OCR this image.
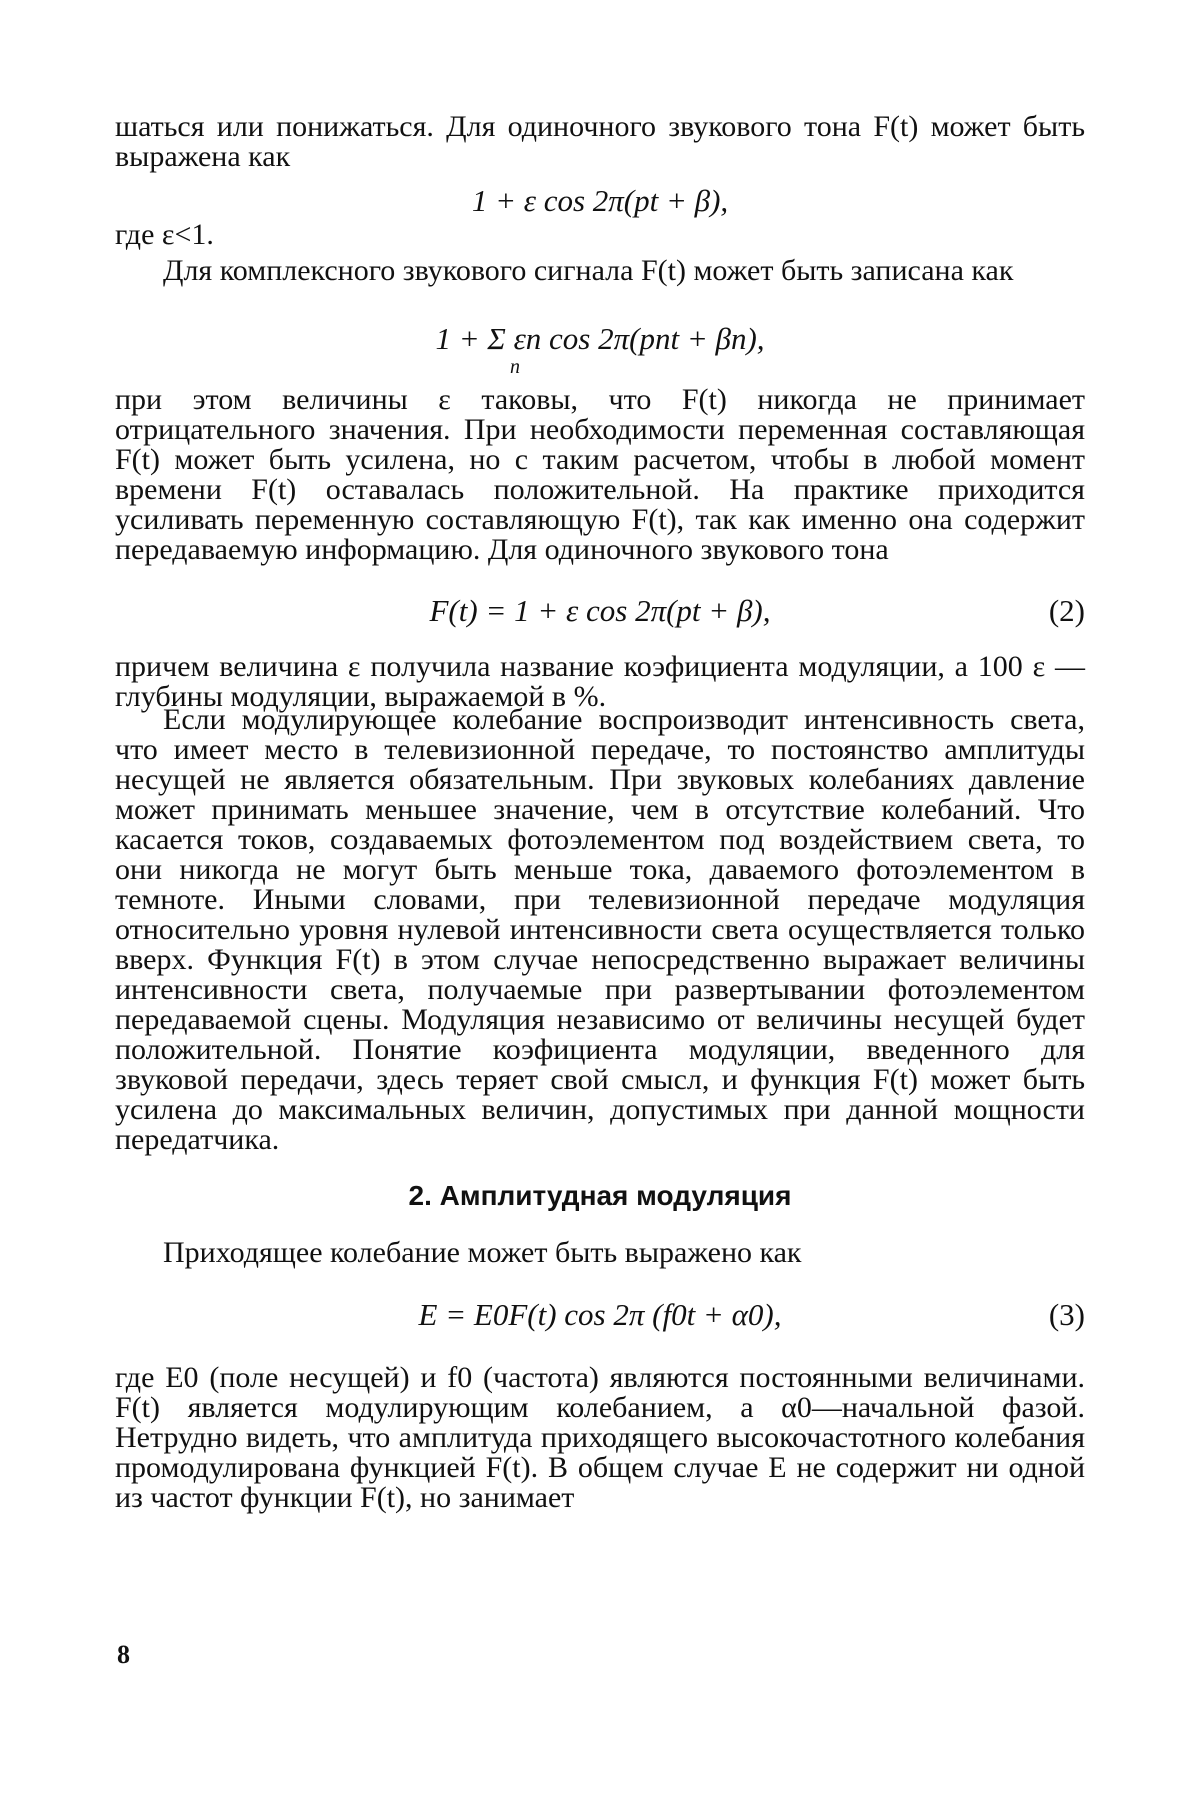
шаться или понижаться. Для одиночного звукового тона F(t) может быть выражена как

1 + ε cos 2π(pt + β),

где ε<1.

Для комплексного звукового сигнала F(t) может быть записана как

1 + Σ εn cos 2π(pnt + βn),
n

при этом величины ε таковы, что F(t) никогда не принимает отрицательного значения. При необходимости переменная составляющая F(t) может быть усилена, но с таким расчетом, чтобы в любой момент времени F(t) оставалась положительной. На практике приходится усиливать переменную составляющую F(t), так как именно она содержит передаваемую информацию. Для одиночного звукового тона

F(t) = 1 + ε cos 2π(pt + β),	(2)

причем величина ε получила название коэфициента модуляции, а 100 ε — глубины модуляции, выражаемой в %.

Если модулирующее колебание воспроизводит интенсивность света, что имеет место в телевизионной передаче, то постоянство амплитуды несущей не является обязательным. При звуковых колебаниях давление может принимать меньшее значение, чем в отсутствие колебаний. Что касается токов, создаваемых фотоэлементом под воздействием света, то они никогда не могут быть меньше тока, даваемого фотоэлементом в темноте. Иными словами, при телевизионной передаче модуляция относительно уровня нулевой интенсивности света осуществляется только вверх. Функция F(t) в этом случае непосредственно выражает величины интенсивности света, получаемые при развертывании фотоэлементом передаваемой сцены. Модуляция независимо от величины несущей будет положительной. Понятие коэфициента модуляции, введенного для звуковой передачи, здесь теряет свой смысл, и функция F(t) может быть усилена до максимальных величин, допустимых при данной мощности передатчика.

2. Амплитудная модуляция

Приходящее колебание может быть выражено как

E = E0F(t) cos 2π (f0t + α0),	(3)

где E0 (поле несущей) и f0 (частота) являются постоянными величинами. F(t) является модулирующим колебанием, а α0—начальной фазой. Нетрудно видеть, что амплитуда приходящего высокочастотного колебания промодулирована функцией F(t). В общем случае E не содержит ни одной из частот функции F(t), но занимает

8
